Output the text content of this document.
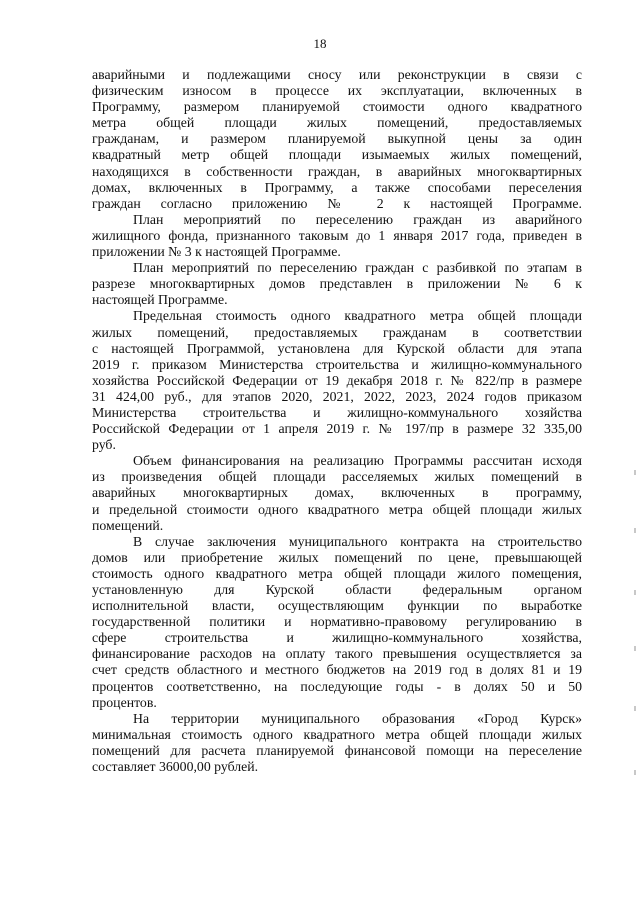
18
аварийными и подлежащими сносу или реконструкции в связи с
физическим износом в процессе их эксплуатации, включенных в
Программу, размером планируемой стоимости одного квадратного
метра общей площади жилых помещений, предоставляемых
гражданам, и размером планируемой выкупной цены за один
квадратный метр общей площади изымаемых жилых помещений,
находящихся в собственности граждан, в аварийных многоквартирных
домах, включенных в Программу, а также способами переселения
граждан согласно приложению № 2 к настоящей Программе.
План мероприятий по переселению граждан из аварийного
жилищного фонда, признанного таковым до 1 января 2017 года, приведен в
приложении № 3 к настоящей Программе.
План мероприятий по переселению граждан с разбивкой по этапам в
разрезе многоквартирных домов представлен в приложении № 6 к
настоящей Программе.
Предельная стоимость одного квадратного метра общей площади
жилых помещений, предоставляемых гражданам в соответствии
с настоящей Программой, установлена для Курской области для этапа
2019 г. приказом Министерства строительства и жилищно-коммунального
хозяйства Российской Федерации от 19 декабря 2018 г. № 822/пр в размере
31 424,00 руб., для этапов 2020, 2021, 2022, 2023, 2024 годов приказом
Министерства строительства и жилищно-коммунального хозяйства
Российской Федерации от 1 апреля 2019 г. № 197/пр в размере 32 335,00
руб.
Объем финансирования на реализацию Программы рассчитан исходя
из произведения общей площади расселяемых жилых помещений в
аварийных многоквартирных домах, включенных в программу,
и предельной стоимости одного квадратного метра общей площади жилых
помещений.
В случае заключения муниципального контракта на строительство
домов или приобретение жилых помещений по цене, превышающей
стоимость одного квадратного метра общей площади жилого помещения,
установленную для Курской области федеральным органом
исполнительной власти, осуществляющим функции по выработке
государственной политики и нормативно-правовому регулированию в
сфере строительства и жилищно-коммунального хозяйства,
финансирование расходов на оплату такого превышения осуществляется за
счет средств областного и местного бюджетов на 2019 год в долях 81 и 19
процентов соответственно, на последующие годы - в долях 50 и 50
процентов.
На территории муниципального образования «Город Курск»
минимальная стоимость одного квадратного метра общей площади жилых
помещений для расчета планируемой финансовой помощи на переселение
составляет 36000,00 рублей.
